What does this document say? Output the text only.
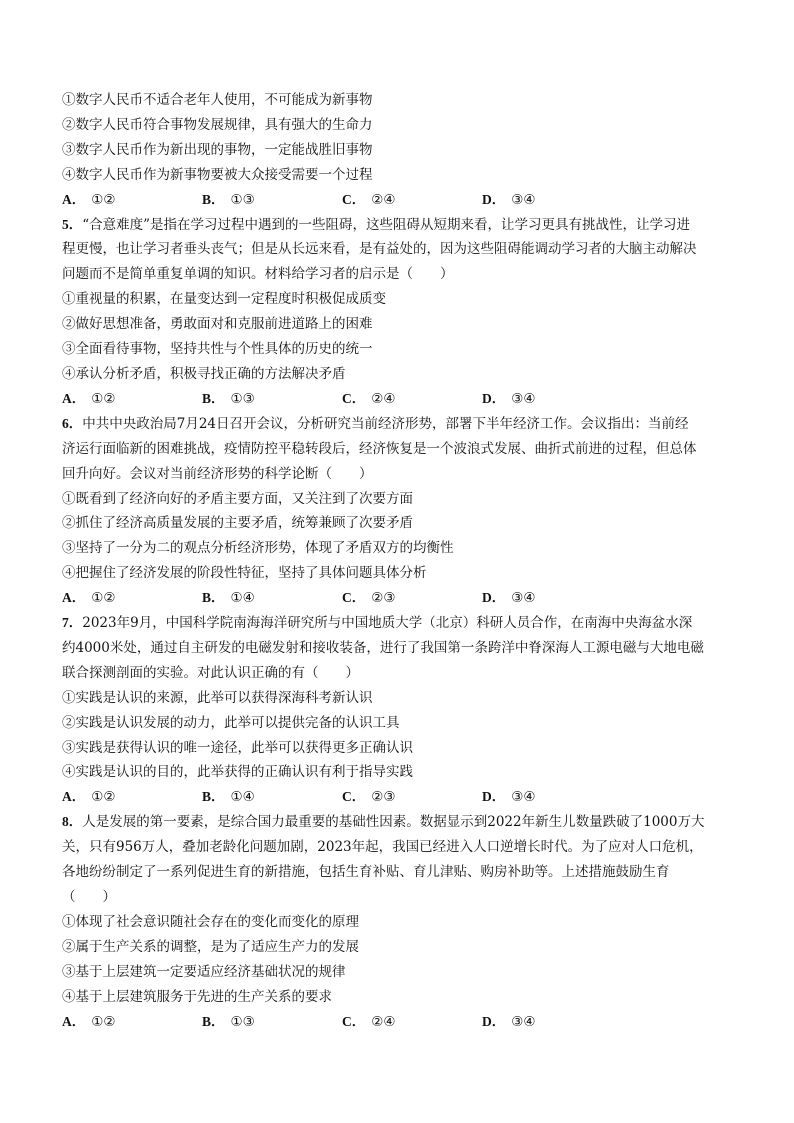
①数字人民币不适合老年人使用，不可能成为新事物
②数字人民币符合事物发展规律，具有强大的生命力
③数字人民币作为新出现的事物，一定能战胜旧事物
④数字人民币作为新事物要被大众接受需要一个过程
A． ①②	B． ①③	C． ②④	D． ③④
5．“合意难度”是指在学习过程中遇到的一些阻碍，这些阻碍从短期来看，让学习更具有挑战性，让学习进
程更慢，也让学习者垂头丧气；但是从长远来看，是有益处的，因为这些阻碍能调动学习者的大脑主动解决
问题而不是简单重复单调的知识。材料给学习者的启示是（　　）
①重视量的积累，在量变达到一定程度时积极促成质变
②做好思想准备，勇敢面对和克服前进道路上的困难
③全面看待事物，坚持共性与个性具体的历史的统一
④承认分析矛盾，积极寻找正确的方法解决矛盾
A． ①②	B． ①③	C． ②④	D． ③④
6．中共中央政治局7月24日召开会议，分析研究当前经济形势，部署下半年经济工作。会议指出：当前经
济运行面临新的困难挑战，疫情防控平稳转段后，经济恢复是一个波浪式发展、曲折式前进的过程，但总体
回升向好。会议对当前经济形势的科学论断（　　）
①既看到了经济向好的矛盾主要方面，又关注到了次要方面
②抓住了经济高质量发展的主要矛盾，统筹兼顾了次要矛盾
③坚持了一分为二的观点分析经济形势，体现了矛盾双方的均衡性
④把握住了经济发展的阶段性特征，坚持了具体问题具体分析
A． ①②	B． ①④	C． ②③	D． ③④
7．2023年9月，中国科学院南海海洋研究所与中国地质大学（北京）科研人员合作，在南海中央海盆水深
约4000米处，通过自主研发的电磁发射和接收装备，进行了我国第一条跨洋中脊深海人工源电磁与大地电磁
联合探测剖面的实验。对此认识正确的有（　　）
①实践是认识的来源，此举可以获得深海科考新认识
②实践是认识发展的动力，此举可以提供完备的认识工具
③实践是获得认识的唯一途径，此举可以获得更多正确认识
④实践是认识的目的，此举获得的正确认识有利于指导实践
A． ①②	B． ①④	C． ②③	D． ③④
8．人是发展的第一要素，是综合国力最重要的基础性因素。数据显示到2022年新生儿数量跌破了1000万大
关，只有956万人，叠加老龄化问题加剧，2023年起，我国已经进入人口逆增长时代。为了应对人口危机，
各地纷纷制定了一系列促进生育的新措施，包括生育补贴、育儿津贴、购房补助等。上述措施鼓励生育
（　　）
①体现了社会意识随社会存在的变化而变化的原理
②属于生产关系的调整，是为了适应生产力的发展
③基于上层建筑一定要适应经济基础状况的规律
④基于上层建筑服务于先进的生产关系的要求
A． ①②	B． ①③	C． ②④	D． ③④
